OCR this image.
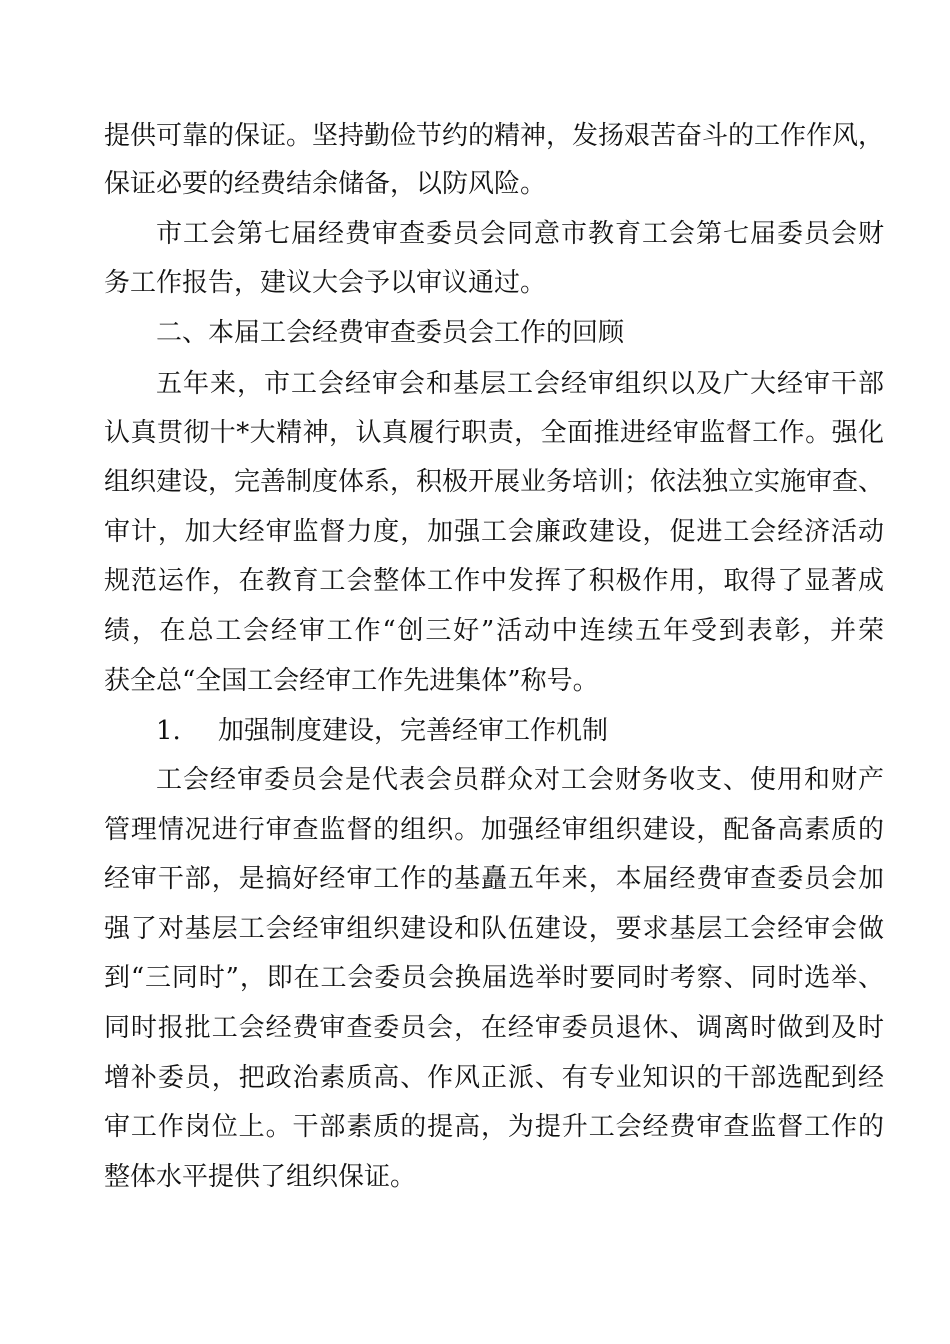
提供可靠的保证。坚持勤俭节约的精神，发扬艰苦奋斗的工作作风，
保证必要的经费结余储备，以防风险。
市工会第七届经费审查委员会同意市教育工会第七届委员会财
务工作报告，建议大会予以审议通过。
二、本届工会经费审查委员会工作的回顾
五年来，市工会经审会和基层工会经审组织以及广大经审干部
认真贯彻十*大精神，认真履行职责，全面推进经审监督工作。强化
组织建设，完善制度体系，积极开展业务培训；依法独立实施审查、
审计，加大经审监督力度，加强工会廉政建设，促进工会经济活动
规范运作，在教育工会整体工作中发挥了积极作用，取得了显著成
绩，在总工会经审工作“创三好”活动中连续五年受到表彰，并荣
获全总“全国工会经审工作先进集体”称号。
1.	加强制度建设，完善经审工作机制
工会经审委员会是代表会员群众对工会财务收支、使用和财产
管理情况进行审查监督的组织。加强经审组织建设，配备高素质的
经审干部，是搞好经审工作的基矗五年来，本届经费审查委员会加
强了对基层工会经审组织建设和队伍建设，要求基层工会经审会做
到“三同时”，即在工会委员会换届选举时要同时考察、同时选举、
同时报批工会经费审查委员会，在经审委员退休、调离时做到及时
增补委员，把政治素质高、作风正派、有专业知识的干部选配到经
审工作岗位上。干部素质的提高，为提升工会经费审查监督工作的
整体水平提供了组织保证。
